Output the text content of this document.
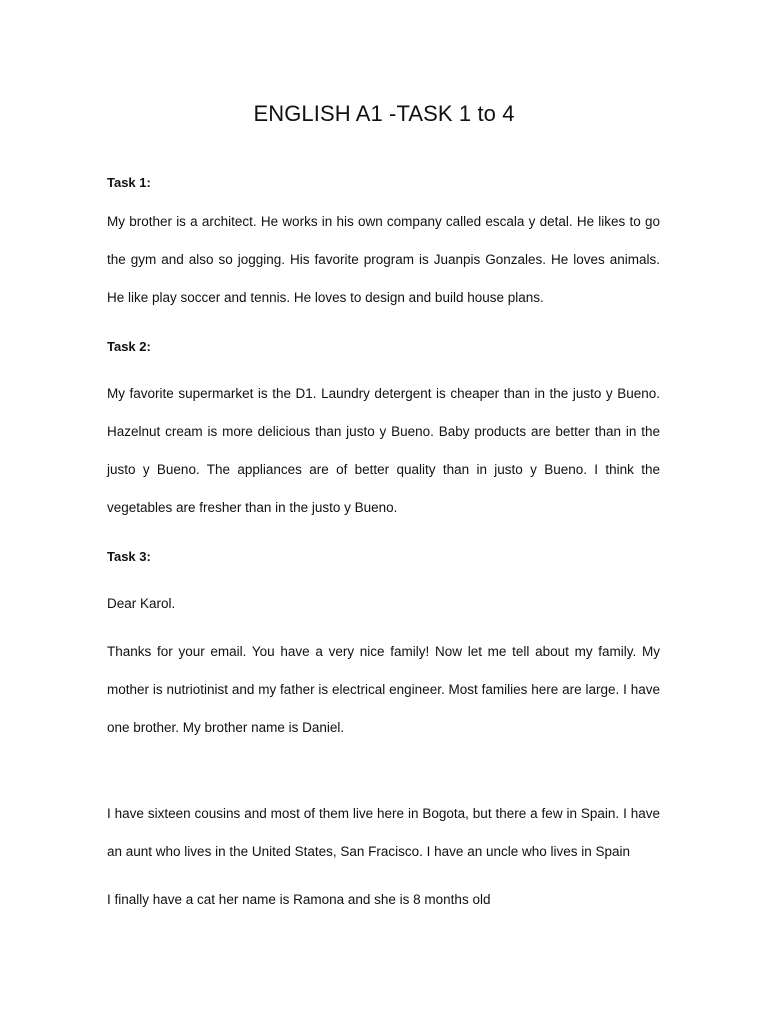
ENGLISH A1 -TASK 1 to 4

Task 1:

My brother is a architect. He works in his own company called escala y detal. He likes to go the gym and also so jogging. His favorite program is Juanpis Gonzales. He loves animals. He like play soccer and tennis. He loves to design and build house plans.

Task 2:

My favorite supermarket is the D1. Laundry detergent is cheaper than in the justo y Bueno. Hazelnut cream is more delicious than justo y Bueno. Baby products are better than in the justo y Bueno. The appliances are of better quality than in justo y Bueno. I think the vegetables are fresher than in the justo y Bueno.

Task 3:

Dear Karol.

Thanks for your email. You have a very nice family! Now let me tell about my family. My mother is nutriotinist and my father is electrical engineer. Most families here are large. I have one brother. My brother name is Daniel.

I have sixteen cousins and most of them live here in Bogota, but there a few in Spain. I have an aunt who lives in the United States, San Fracisco. I have an uncle who lives in Spain

I finally have a cat her name is Ramona and she is 8 months old
